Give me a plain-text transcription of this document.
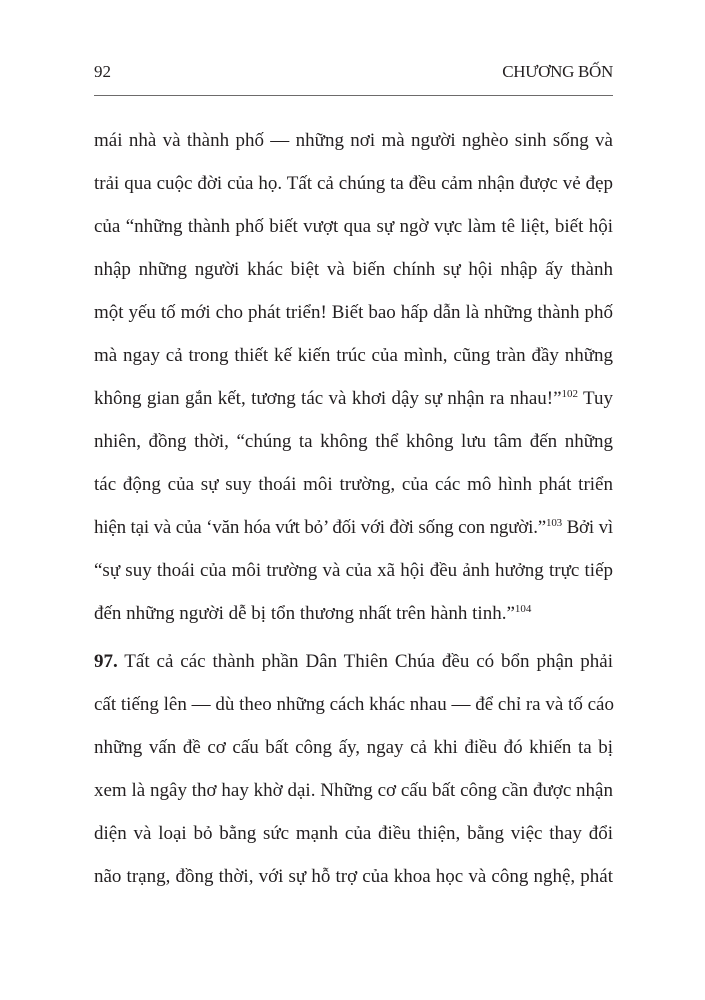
92	CHƯƠNG BỐN
mái nhà và thành phố — những nơi mà người nghèo sinh sống và
trải qua cuộc đời của họ. Tất cả chúng ta đều cảm nhận được vẻ đẹp
của “những thành phố biết vượt qua sự ngờ vực làm tê liệt, biết hội
nhập những người khác biệt và biến chính sự hội nhập ấy thành
một yếu tố mới cho phát triển! Biết bao hấp dẫn là những thành phố
mà ngay cả trong thiết kế kiến trúc của mình, cũng tràn đầy những
không gian gắn kết, tương tác và khơi dậy sự nhận ra nhau!”$^{102}$ Tuy
nhiên, đồng thời, “chúng ta không thể không lưu tâm đến những
tác động của sự suy thoái môi trường, của các mô hình phát triển
hiện tại và của ‘văn hóa vứt bỏ’ đối với đời sống con người.”$^{103}$ Bởi vì
“sự suy thoái của môi trường và của xã hội đều ảnh hưởng trực tiếp
đến những người dễ bị tổn thương nhất trên hành tinh.”$^{104}$
97. Tất cả các thành phần Dân Thiên Chúa đều có bổn phận phải
cất tiếng lên — dù theo những cách khác nhau — để chỉ ra và tố cáo
những vấn đề cơ cấu bất công ấy, ngay cả khi điều đó khiến ta bị
xem là ngây thơ hay khờ dại. Những cơ cấu bất công cần được nhận
diện và loại bỏ bằng sức mạnh của điều thiện, bằng việc thay đổi
não trạng, đồng thời, với sự hỗ trợ của khoa học và công nghệ, phát
